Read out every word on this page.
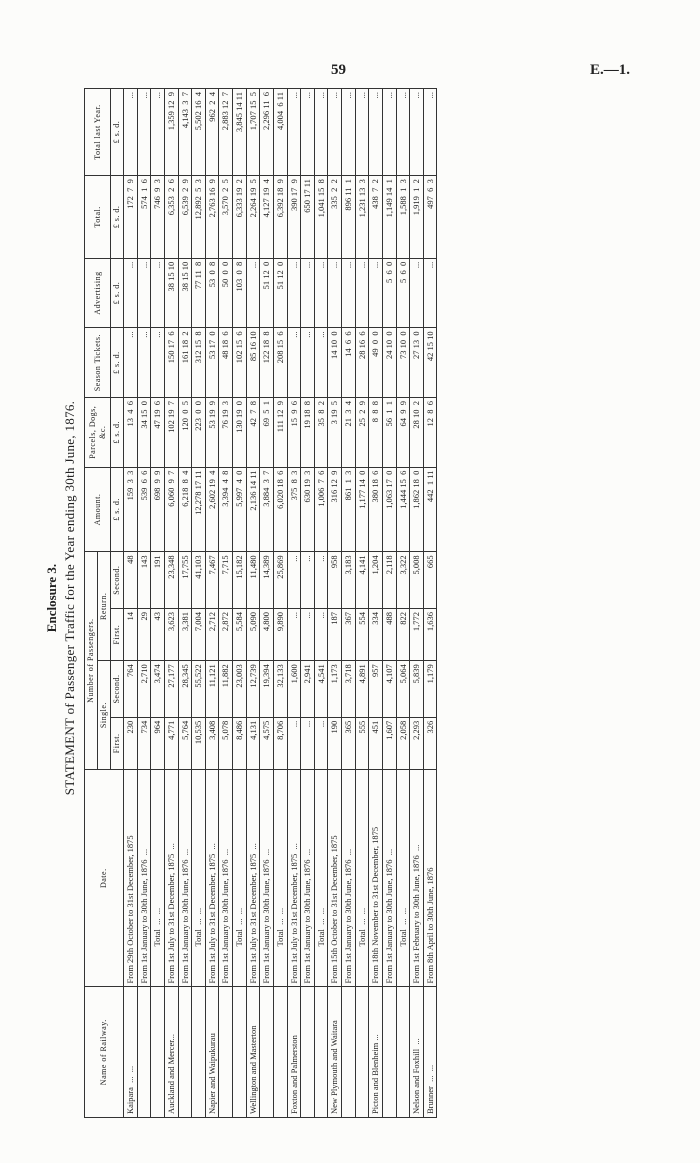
59	E.—1.
Enclosure 3. STATEMENT of Passenger Traffic for the Year ending 30th June, 1876.
Name of Railway.	Date.	Number of Passengers.				Amount.	Parcels, Dogs, &c.	Season Tickets.	Advertising	Total.	Total last Year.
		Single.		Return.							
		First.	Second.	First.	Second.	£ s. d.	£ s. d.	£ s. d.	£ s. d.	£ s. d.	£ s. d.
Kaipara  ...  ...	From 29th October to 31st December, 1875	230	764	14	48	159  3  3	13  4  6	...	...	172  7  9	...
	From 1st January to 30th June, 1876  ...	734	2,710	29	143	539  6  6	34 15  0	...	...	574  1  6	...
	Total  ...  ...	964	3,474	43	191	698  9  9	47 19  6	...	...	746  9  3	...
Auckland and Mercer...	From 1st July to 31st December, 1875  ...	4,771	27,177	3,623	23,348	6,060  9  7	102 19  7	150 17  6	38 15 10	6,353  2  6	1,359 12  9
	From 1st January to 30th June, 1876  ...	5,764	28,345	3,381	17,755	6,218  8  4	120  0  5	161 18  2	38 15 10	6,539  2  9	4,143  3  7
	Total  ...  ...	10,535	55,522	7,004	41,103	12,278 17 11	223  0  0	312 15  8	77 11  8	12,892  5  3	5,502 16  4
Napier and Waipukurau	From 1st July to 31st December, 1875  ...	3,408	11,121	2,712	7,467	2,602 19  4	53 19  9	53 17  0	53  0  8	2,763 16  9	962  2  4
	From 1st January to 30th June, 1876  ...	5,078	11,882	2,872	7,715	3,394  4  8	76 19  3	48 18  6	50  0  0	3,570  2  5	2,883 12  7
	Total  ...  ...	8,486	23,003	5,584	15,182	5,997  4  0	130 19  0	102 15  6	103  0  8	6,333 19  2	3,845 14 11
Wellington and Masterton	From 1st July to 31st December, 1875  ...	4,131	12,739	5,090	11,480	2,136 14 11	42  7  8	85 16 10	...	2,264 19  5	1,707 15  5
	From 1st January to 30th June, 1876  ...	4,575	19,394	4,800	14,389	3,884  3  7	69  5  1	122 18  8	51 12  0	4,127 19  4	2,296 11  6
	Total  ...  ...	8,706	32,133	9,890	25,869	6,020 18  6	111 12  9	208 15  6	51 12  0	6,392 18  9	4,004  6 11
Foxton and Palmerston	From 1st July to 31st December, 1875  ...	...	1,600	...	...	375  8  3	15  9  6	...	...	390 17  9	...
	From 1st January to 30th June, 1876  ...	...	2,941	...	...	630 19  3	19 18  8	...	...	650 17 11	...
	Total  ...  ...	...	4,541	...	...	1,006  7  6	35  8  2	...	...	1,041 15  8	...
New Plymouth and Waitara	From 15th October to 31st December, 1875	190	1,173	187	958	316 12  9	3 19  5	14 10  0	...	335  2  2	...
	From 1st January to 30th June, 1876  ...	365	3,718	367	3,183	861  1  3	21  3  4	14  6  6	...	896 11  1	...
	Total  ...  ...	555	4,891	554	4,141	1,177 14  0	25  2  9	28 16  6	...	1,231 13  3	...
Picton and Blenheim ...	From 18th November to 31st December, 1875	451	957	334	1,204	380 18  6	8  8  8	49  0  0	...	438  7  2	...
	From 1st January to 30th June, 1876  ...	1,607	4,107	488	2,118	1,063 17  0	56  1  1	24 10  0	5  6  0	1,149 14  1	...
	Total  ...  ...	2,058	5,064	822	3,322	1,444 15  6	64  9  9	73 10  0	5  6  0	1,588  1  3	...
Nelson and Foxhill  ...	From 1st February to 30th June, 1876  ...	2,293	5,839	1,772	5,008	1,862 18  0	28 10  2	27 13  0	...	1,919  1  2	...
Brunner  ...  ...	From 8th April to 30th June, 1876	326	1,179	1,636	665	442  1 11	12  8  6	42 15 10	...	497  6  3	...
